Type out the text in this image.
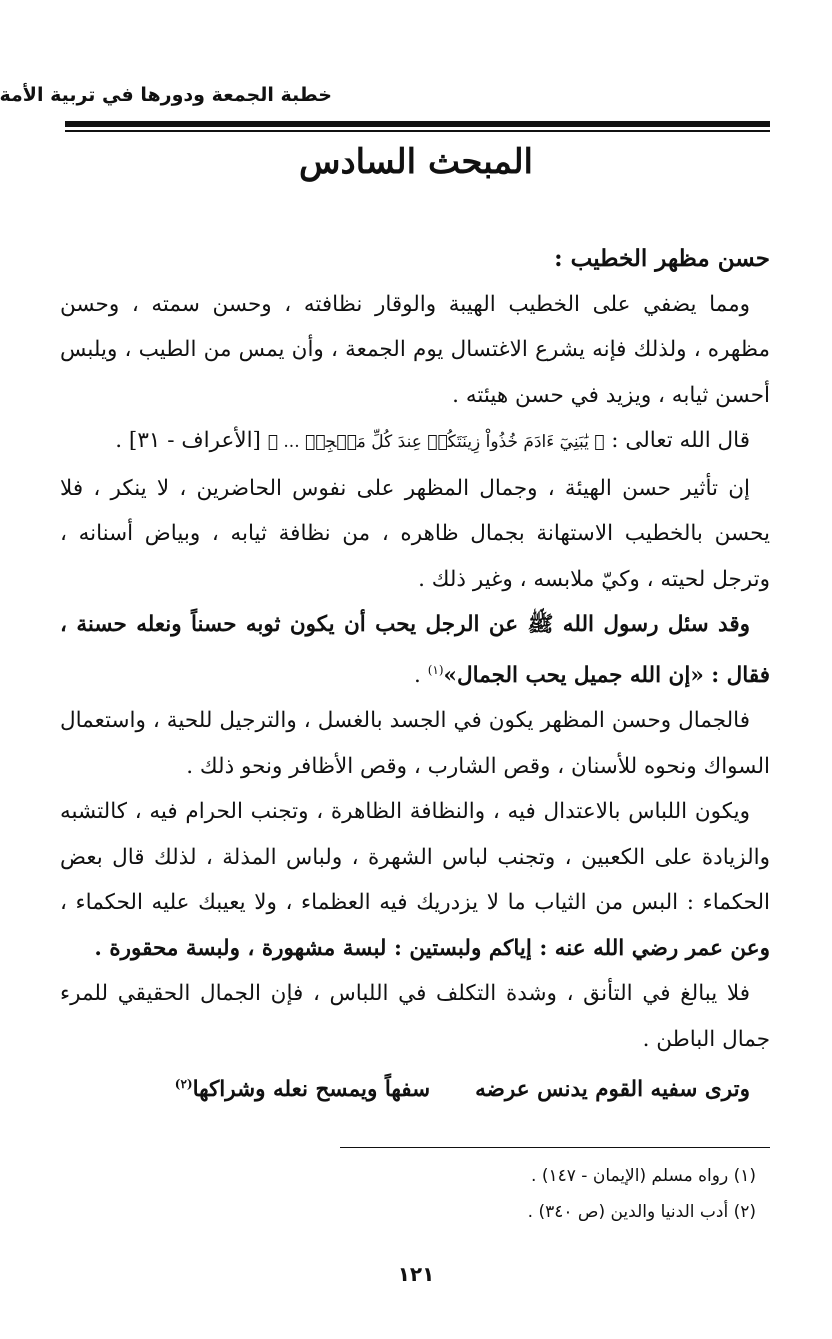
خطبة الجمعة ودورها في تربية الأمة
المبحث السادس

حسن مظهر الخطيب :

ومما يضفي على الخطيب الهيبة والوقار نظافته ، وحسن سمته ، وحسن مظهره ، ولذلك فإنه يشرع الاغتسال يوم الجمعة ، وأن يمس من الطيب ، ويلبس أحسن ثيابه ، ويزيد في حسن هيئته .

قال الله تعالى : ﴿ يَٰبَنِيٓ ءَادَمَ خُذُواْ زِينَتَكُمۡ عِندَ كُلِّ مَسۡجِدٖ ... ﴾ [الأعراف - ٣١] .

إن تأثير حسن الهيئة ، وجمال المظهر على نفوس الحاضرين ، لا ينكر ، فلا يحسن بالخطيب الاستهانة بجمال ظاهره ، من نظافة ثيابه ، وبياض أسنانه ، وترجل لحيته ، وكيّ ملابسه ، وغير ذلك .

وقد سئل رسول الله ﷺ عن الرجل يحب أن يكون ثوبه حسناً ونعله حسنة ، فقال : «إن الله جميل يحب الجمال»$^{(١)}$ .

فالجمال وحسن المظهر يكون في الجسد بالغسل ، والترجيل للحية ، واستعمال السواك ونحوه للأسنان ، وقص الشارب ، وقص الأظافر ونحو ذلك .

ويكون اللباس بالاعتدال فيه ، والنظافة الظاهرة ، وتجنب الحرام فيه ، كالتشبه والزيادة على الكعبين ، وتجنب لباس الشهرة ، ولباس المذلة ، لذلك قال بعض الحكماء : البس من الثياب ما لا يزدريك فيه العظماء ، ولا يعيبك عليه الحكماء ، وعن عمر رضي الله عنه : إياكم ولبستين : لبسة مشهورة ، ولبسة محقورة .

فلا يبالغ في التأنق ، وشدة التكلف في اللباس ، فإن الجمال الحقيقي للمرء جمال الباطن .

وترى سفيه القوم يدنس عرضه      سفهاً ويمسح نعله وشراكها$^{(٢)}$

(١) رواه مسلم (الإيمان - ١٤٧) .
(٢) أدب الدنيا والدين (ص ٣٤٠) .
١٢١
